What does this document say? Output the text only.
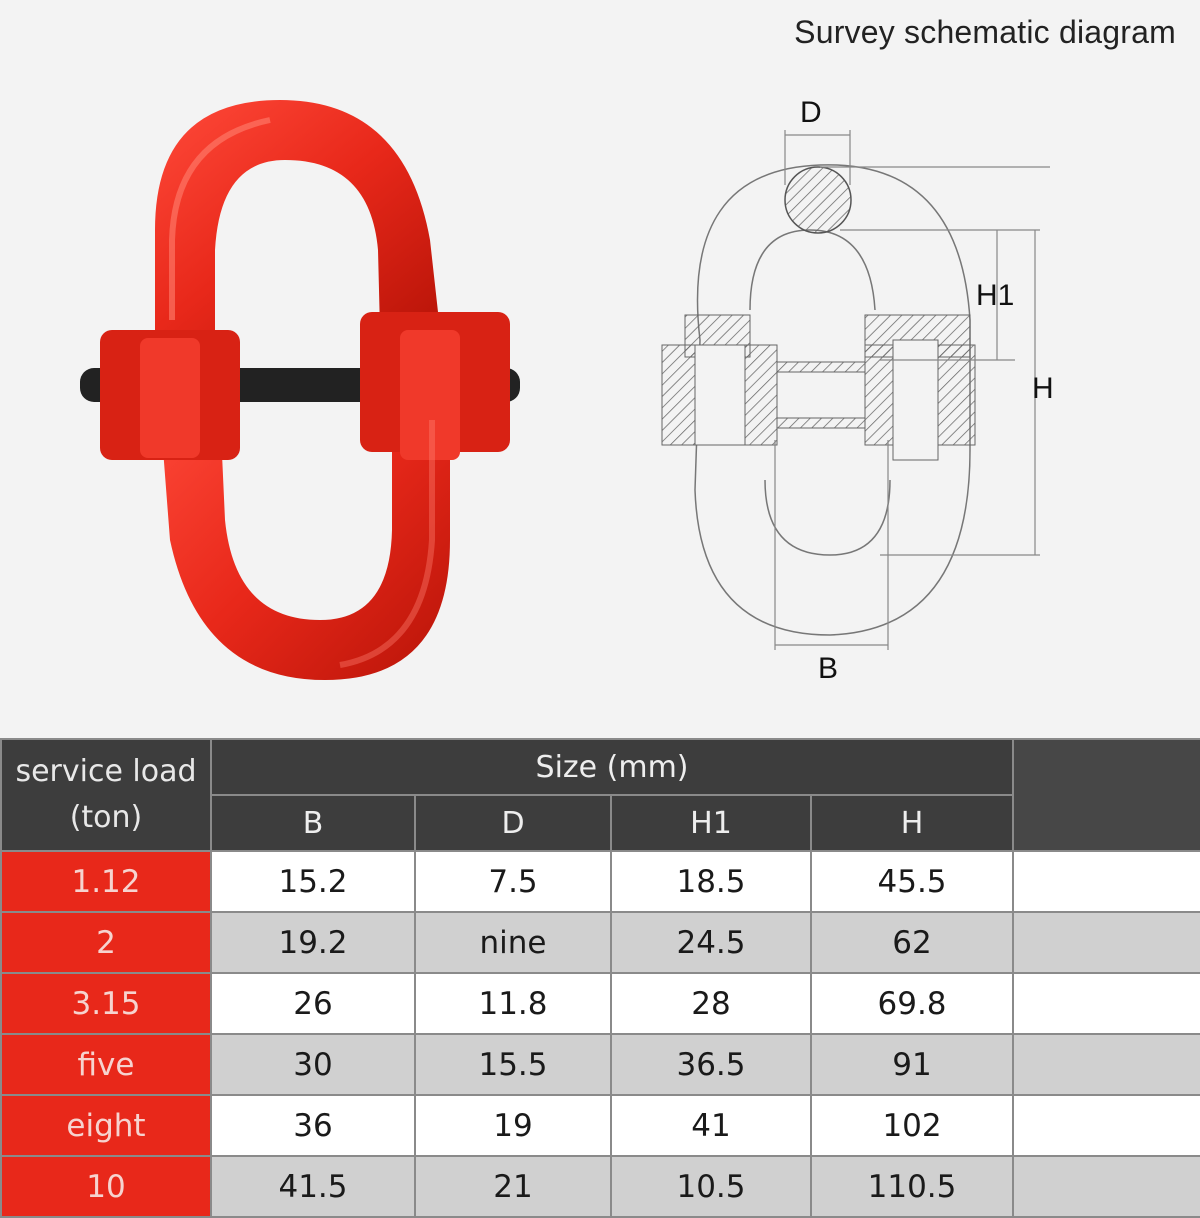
Survey schematic diagram
D
H1
H
B
service load
(ton)	Size (mm)				
	B	D	H1	H	
1.12	15.2	7.5	18.5	45.5	
2	19.2	nine	24.5	62	
3.15	26	11.8	28	69.8	
five	30	15.5	36.5	91	
eight	36	19	41	102	
10	41.5	21	10.5	110.5	
